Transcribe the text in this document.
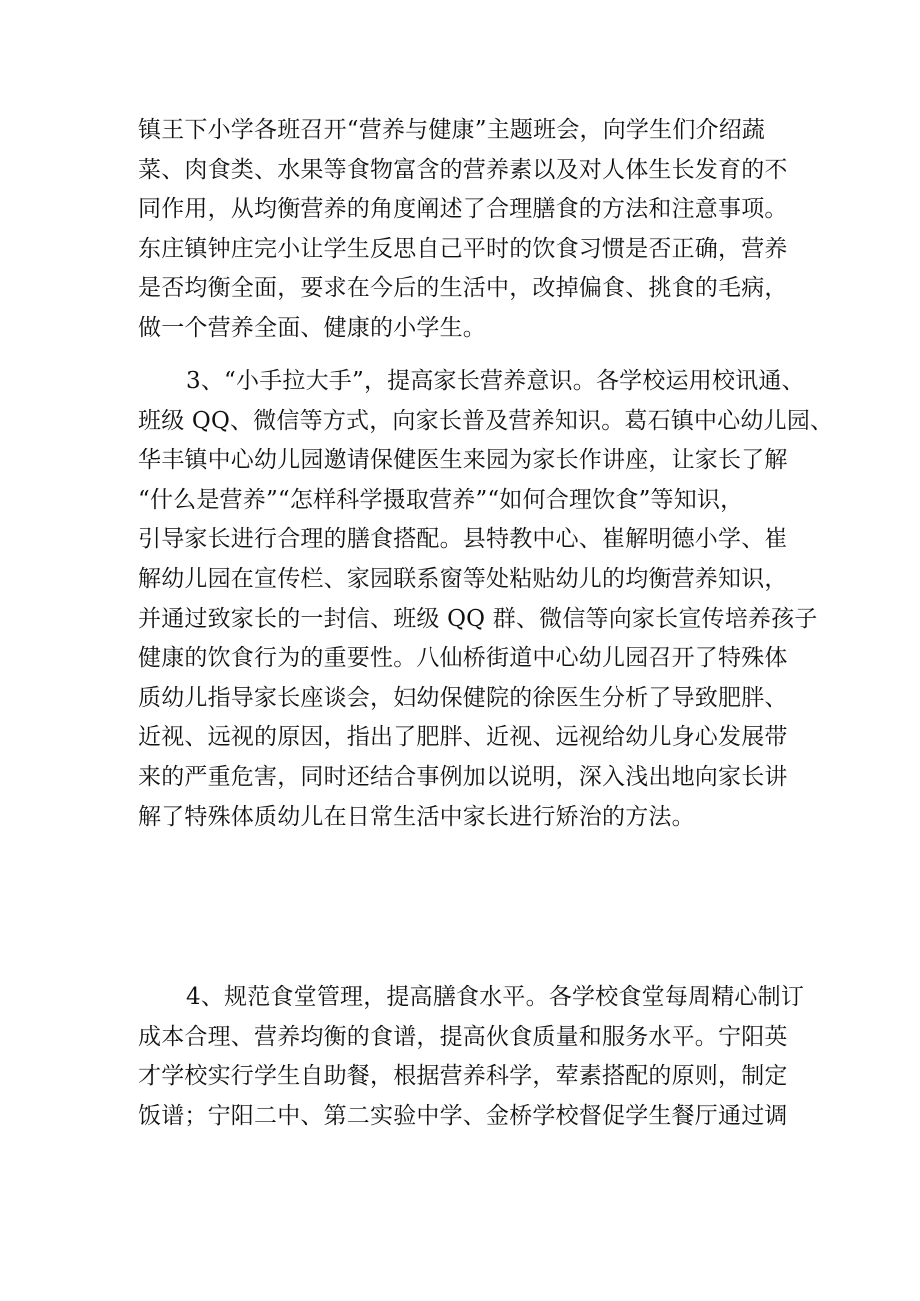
镇王下小学各班召开“营养与健康”主题班会，向学生们介绍蔬
菜、肉食类、水果等食物富含的营养素以及对人体生长发育的不
同作用，从均衡营养的角度阐述了合理膳食的方法和注意事项。
东庄镇钟庄完小让学生反思自己平时的饮食习惯是否正确，营养
是否均衡全面，要求在今后的生活中，改掉偏食、挑食的毛病，
做一个营养全面、健康的小学生。
3、“小手拉大手”，提高家长营养意识。各学校运用校讯通、
班级 QQ、微信等方式，向家长普及营养知识。葛石镇中心幼儿园、
华丰镇中心幼儿园邀请保健医生来园为家长作讲座，让家长了解
“什么是营养”“怎样科学摄取营养”“如何合理饮食”等知识，
引导家长进行合理的膳食搭配。县特教中心、崔解明德小学、崔
解幼儿园在宣传栏、家园联系窗等处粘贴幼儿的均衡营养知识，
并通过致家长的一封信、班级 QQ 群、微信等向家长宣传培养孩子
健康的饮食行为的重要性。八仙桥街道中心幼儿园召开了特殊体
质幼儿指导家长座谈会，妇幼保健院的徐医生分析了导致肥胖、
近视、远视的原因，指出了肥胖、近视、远视给幼儿身心发展带
来的严重危害，同时还结合事例加以说明，深入浅出地向家长讲
解了特殊体质幼儿在日常生活中家长进行矫治的方法。
4、规范食堂管理，提高膳食水平。各学校食堂每周精心制订
成本合理、营养均衡的食谱，提高伙食质量和服务水平。宁阳英
才学校实行学生自助餐，根据营养科学，荤素搭配的原则，制定
饭谱；宁阳二中、第二实验中学、金桥学校督促学生餐厅通过调
